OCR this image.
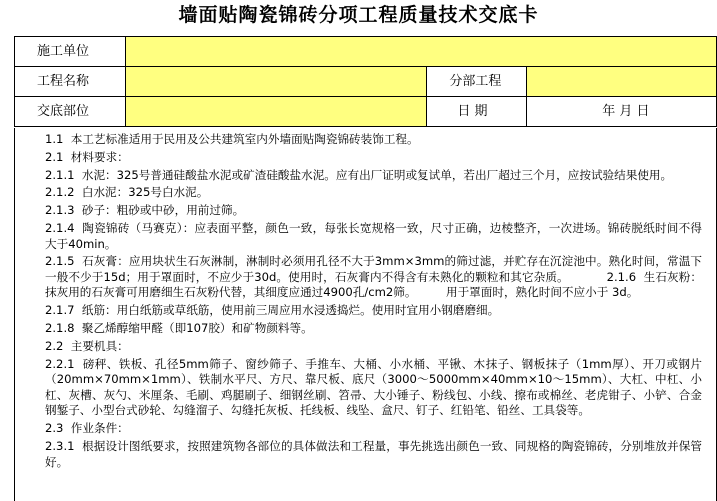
墙面贴陶瓷锦砖分项工程质量技术交底卡
施工单位
工程名称	分部工程
交底部位	日 期	年 月 日

1.1  本工艺标准适用于民用及公共建筑室内外墙面贴陶瓷锦砖装饰工程。

2.1  材料要求：

2.1.1  水泥：325号普通硅酸盐水泥或矿渣硅酸盐水泥。应有出厂证明或复试单，若出厂超过三个月，应按试验结果使用。

2.1.2  白水泥：325号白水泥。

2.1.3  砂子：粗砂或中砂，用前过筛。

2.1.4  陶瓷锦砖（马赛克）：应表面平整，颜色一致，每张长宽规格一致，尺寸正确，边棱整齐，一次进场。锦砖脱纸时间不得大于40min。

2.1.5  石灰膏：应用块状生石灰淋制，淋制时必须用孔径不大于3mm×3mm的筛过滤，并贮存在沉淀池中。熟化时间，常温下一般不少于15d；用于罩面时，不应少于30d。使用时，石灰膏内不得含有未熟化的颗粒和其它杂质。          2.1.6  生石灰粉：抹灰用的石灰膏可用磨细生石灰粉代替，其细度应通过4900孔/cm2筛。        用于罩面时，熟化时间不应小于 3d。

2.1.7  纸筋：用白纸筋或草纸筋，使用前三周应用水浸透捣烂。使用时宜用小钢磨磨细。

2.1.8  聚乙烯醇缩甲醛（即107胶）和矿物颜料等。

2.2  主要机具：

2.2.1  磅秤、铁板、孔径5mm筛子、窗纱筛子、手推车、大桶、小水桶、平锹、木抹子、钢板抹子（1mm厚）、开刀或钢片（20mm×70mm×1mm）、铁制水平尺、方尺、靠尺板、底尺（3000～5000mm×40mm×10～15mm）、大杠、中杠、小杠、灰槽、灰勺、米厘条、毛刷、鸡腿刷子、细钢丝刷、笤帚、大小锤子、粉线包、小线、擦布或棉丝、老虎钳子、小铲、合金钢錾子、小型台式砂轮、勾缝溜子、勾缝托灰板、托线板、线坠、盒尺、钉子、红铅笔、铅丝、工具袋等。

2.3  作业条件：

2.3.1  根据设计图纸要求，按照建筑物各部位的具体做法和工程量，事先挑选出颜色一致、同规格的陶瓷锦砖，分别堆放并保管好。
